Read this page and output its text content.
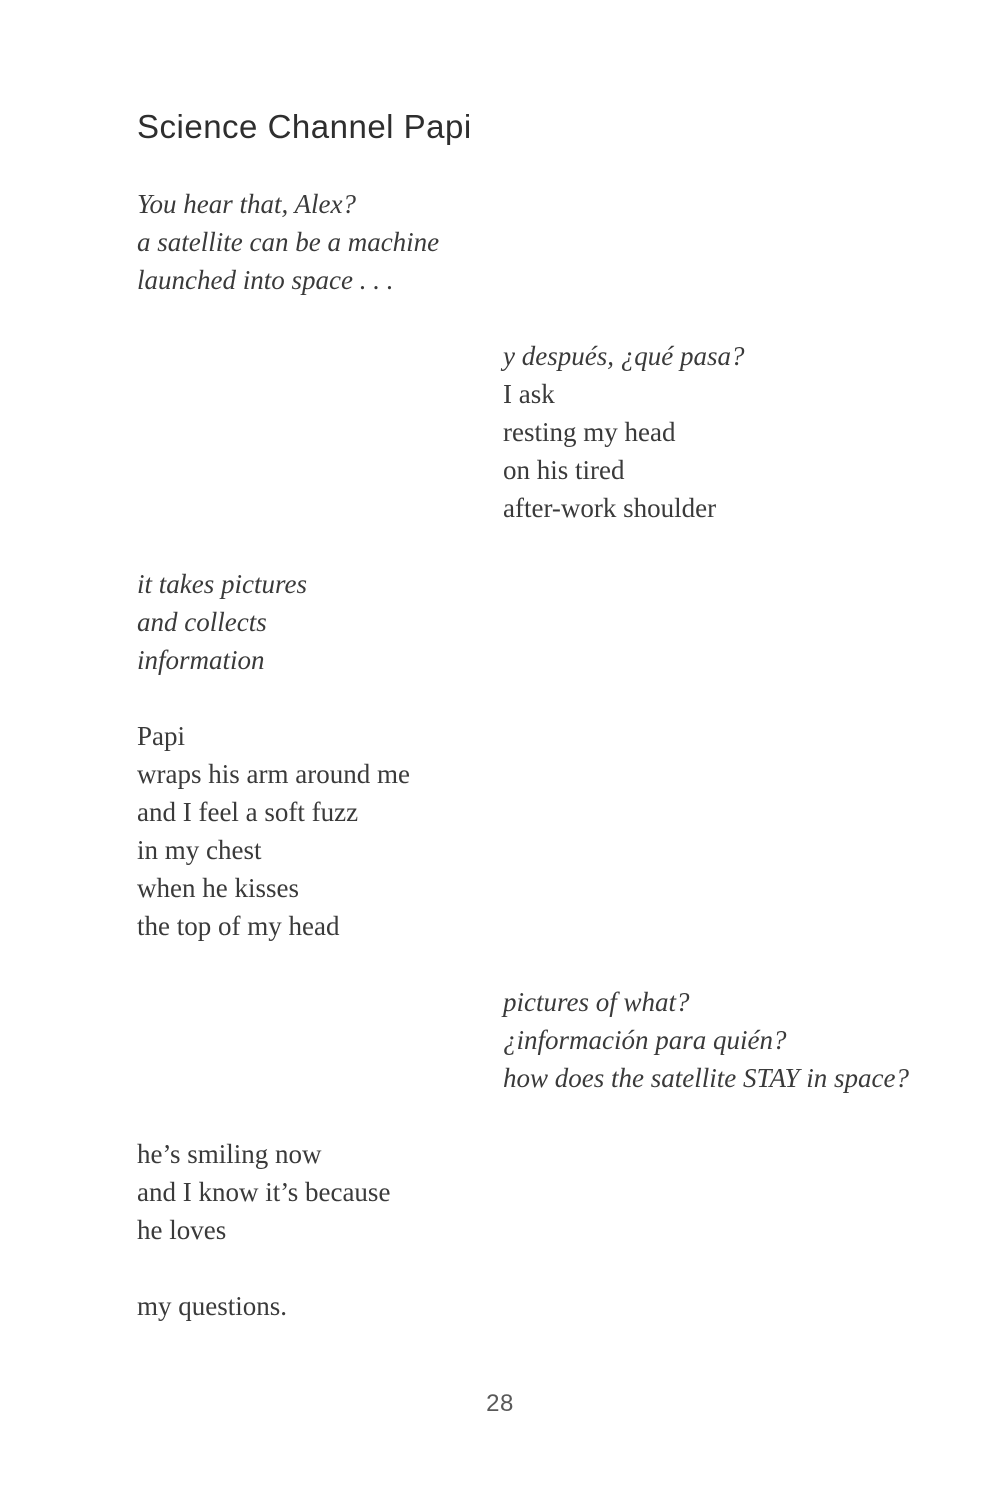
Science Channel Papi

You hear that, Alex?

a satellite can be a machine

launched into space . . .

y después, ¿qué pasa?

I ask

resting my head

on his tired

after-work shoulder

it takes pictures

and collects

information

Papi

wraps his arm around me

and I feel a soft fuzz

in my chest

when he kisses

the top of my head

pictures of what?

¿información para quién?

how does the satellite STAY in space?

he’s smiling now

and I know it’s because

he loves

my questions.

28
